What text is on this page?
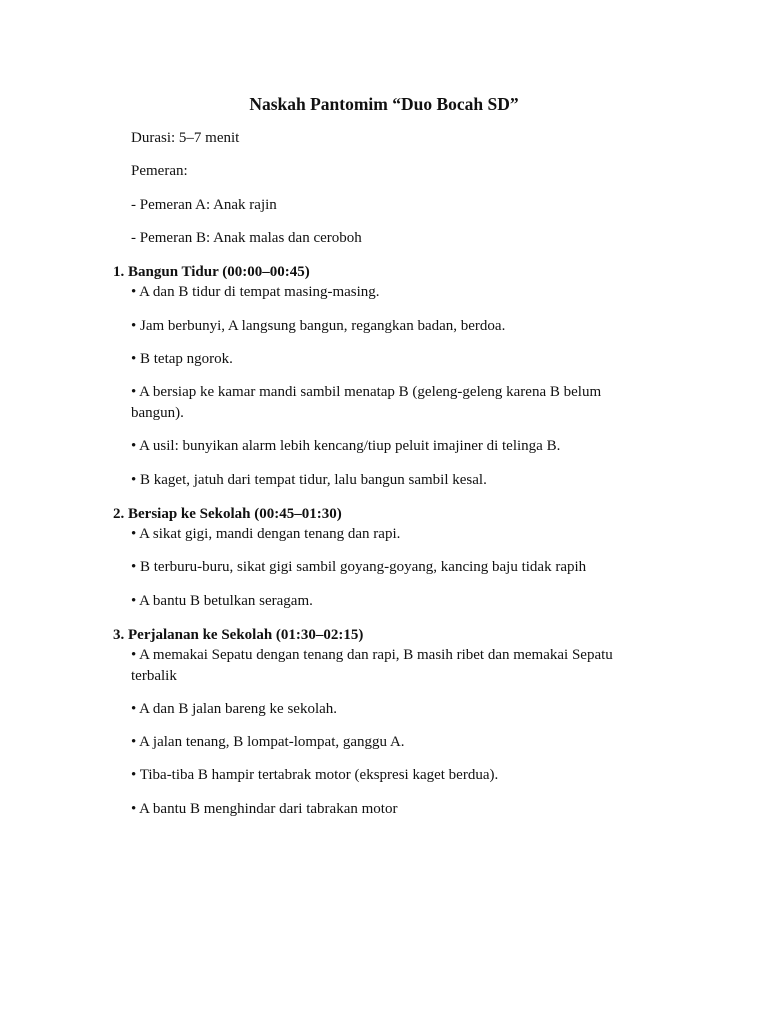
Naskah Pantomim “Duo Bocah SD”
Durasi: 5–7 menit
Pemeran:
- Pemeran A: Anak rajin
- Pemeran B: Anak malas dan ceroboh
1. Bangun Tidur (00:00–00:45)
• A dan B tidur di tempat masing-masing.
• Jam berbunyi, A langsung bangun, regangkan badan, berdoa.
• B tetap ngorok.
• A bersiap ke kamar mandi sambil menatap B (geleng-geleng karena B belum bangun).
• A usil: bunyikan alarm lebih kencang/tiup peluit imajiner di telinga B.
• B kaget, jatuh dari tempat tidur, lalu bangun sambil kesal.
2. Bersiap ke Sekolah (00:45–01:30)
• A sikat gigi, mandi dengan tenang dan rapi.
• B terburu-buru, sikat gigi sambil goyang-goyang, kancing baju tidak rapih
• A bantu B betulkan seragam.
3. Perjalanan ke Sekolah (01:30–02:15)
• A memakai Sepatu dengan tenang dan rapi, B masih ribet dan memakai Sepatu terbalik
• A dan B jalan bareng ke sekolah.
• A jalan tenang, B lompat-lompat, ganggu A.
• Tiba-tiba B hampir tertabrak motor (ekspresi kaget berdua).
• A bantu B menghindar dari tabrakan motor
